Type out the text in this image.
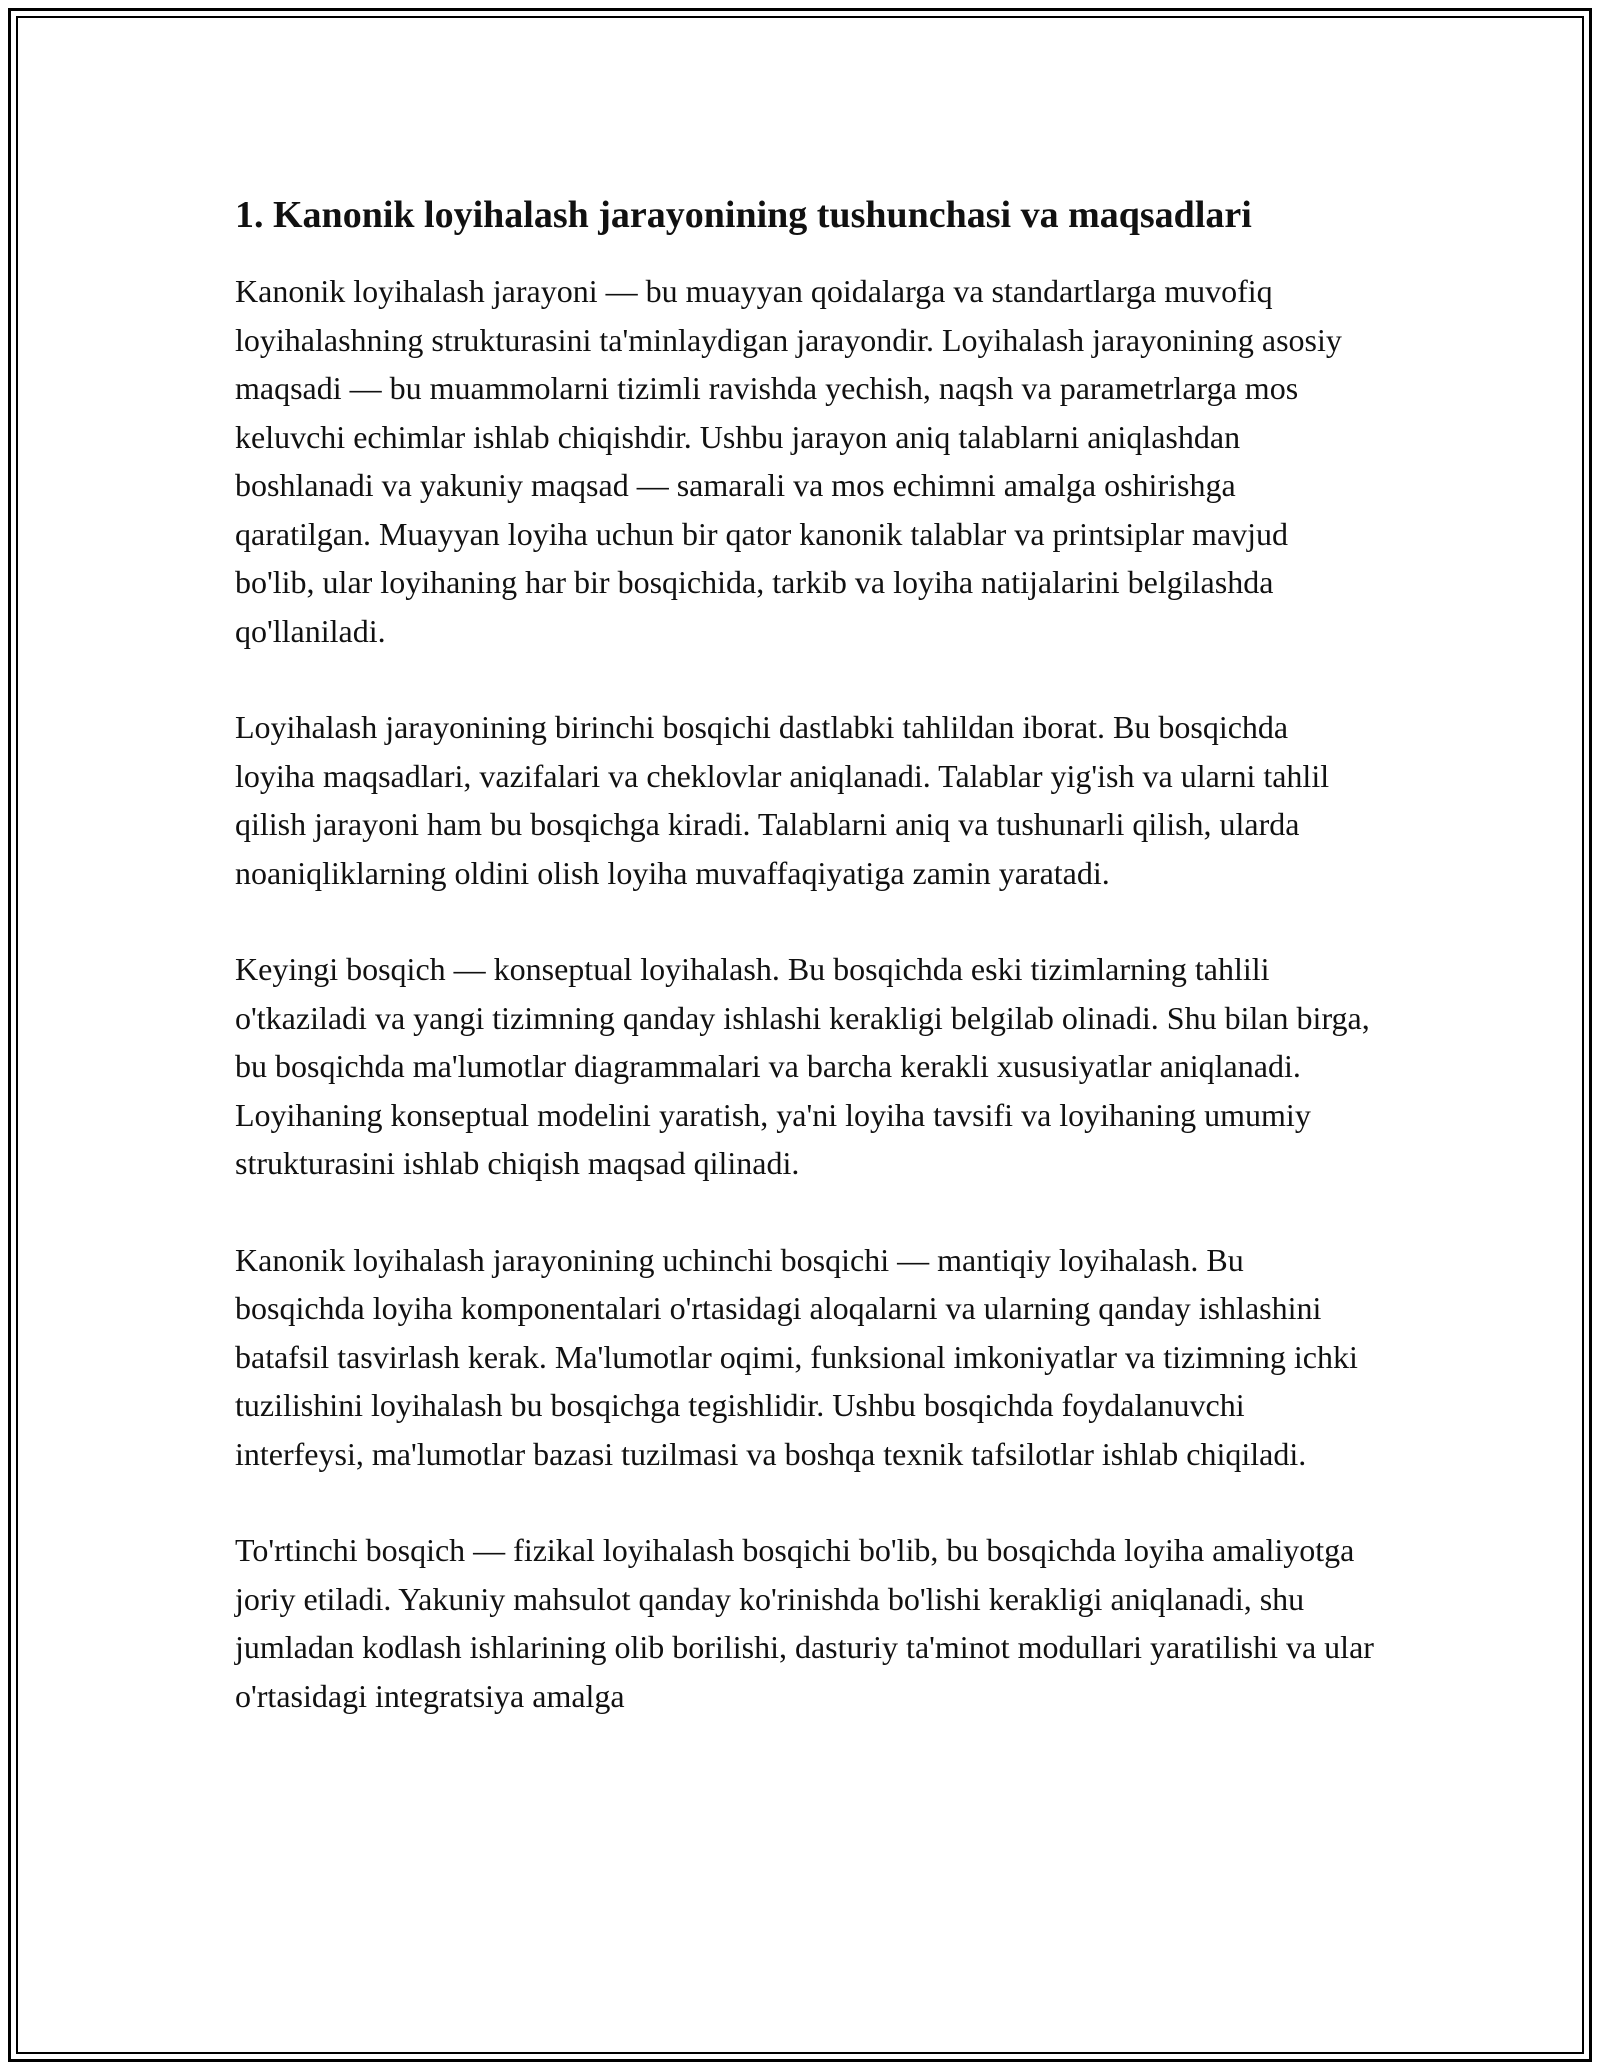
1. Kanonik loyihalash jarayonining tushunchasi va maqsadlari

Kanonik loyihalash jarayoni — bu muayyan qoidalarga va standartlarga muvofiq loyihalashning strukturasini ta'minlaydigan jarayondir. Loyihalash jarayonining asosiy maqsadi — bu muammolarni tizimli ravishda yechish, naqsh va parametrlarga mos keluvchi echimlar ishlab chiqishdir. Ushbu jarayon aniq talablarni aniqlashdan boshlanadi va yakuniy maqsad — samarali va mos echimni amalga oshirishga qaratilgan. Muayyan loyiha uchun bir qator kanonik talablar va printsiplar mavjud bo'lib, ular loyihaning har bir bosqichida, tarkib va loyiha natijalarini belgilashda qo'llaniladi.

Loyihalash jarayonining birinchi bosqichi dastlabki tahlildan iborat. Bu bosqichda loyiha maqsadlari, vazifalari va cheklovlar aniqlanadi. Talablar yig'ish va ularni tahlil qilish jarayoni ham bu bosqichga kiradi. Talablarni aniq va tushunarli qilish, ularda noaniqliklarning oldini olish loyiha muvaffaqiyatiga zamin yaratadi.

Keyingi bosqich — konseptual loyihalash. Bu bosqichda eski tizimlarning tahlili o'tkaziladi va yangi tizimning qanday ishlashi kerakligi belgilab olinadi. Shu bilan birga, bu bosqichda ma'lumotlar diagrammalari va barcha kerakli xususiyatlar aniqlanadi. Loyihaning konseptual modelini yaratish, ya'ni loyiha tavsifi va loyihaning umumiy strukturasini ishlab chiqish maqsad qilinadi.

Kanonik loyihalash jarayonining uchinchi bosqichi — mantiqiy loyihalash. Bu bosqichda loyiha komponentalari o'rtasidagi aloqalarni va ularning qanday ishlashini batafsil tasvirlash kerak. Ma'lumotlar oqimi, funksional imkoniyatlar va tizimning ichki tuzilishini loyihalash bu bosqichga tegishlidir. Ushbu bosqichda foydalanuvchi interfeysi, ma'lumotlar bazasi tuzilmasi va boshqa texnik tafsilotlar ishlab chiqiladi.

To'rtinchi bosqich — fizikal loyihalash bosqichi bo'lib, bu bosqichda loyiha amaliyotga joriy etiladi. Yakuniy mahsulot qanday ko'rinishda bo'lishi kerakligi aniqlanadi, shu jumladan kodlash ishlarining olib borilishi, dasturiy ta'minot modullari yaratilishi va ular o'rtasidagi integratsiya amalga
